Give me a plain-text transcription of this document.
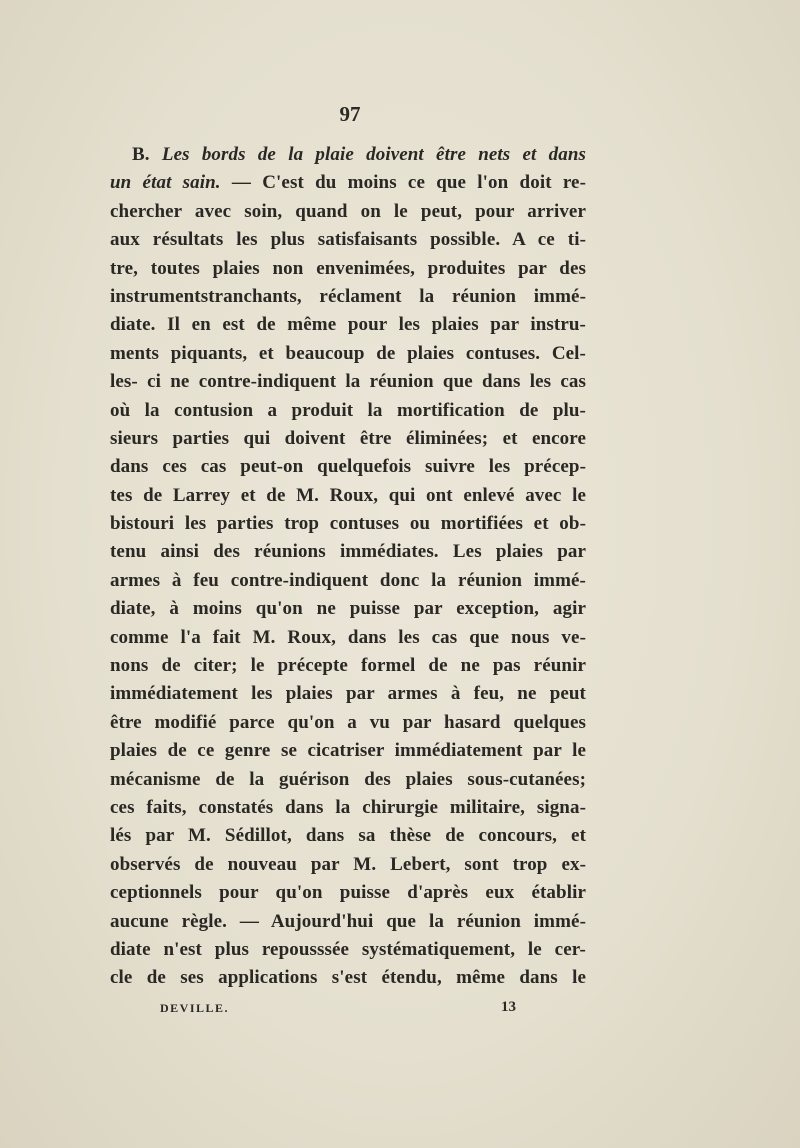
97
B. Les bords de la plaie doivent être nets et dans
un état sain. — C'est du moins ce que l'on doit re-
chercher avec soin, quand on le peut, pour arriver
aux résultats les plus satisfaisants possible. A ce ti-
tre, toutes plaies non envenimées, produites par des
instrumentstranchants, réclament la réunion immé-
diate. Il en est de même pour les plaies par instru-
ments piquants, et beaucoup de plaies contuses. Cel-
les- ci ne contre-indiquent la réunion que dans les cas
où la contusion a produit la mortification de plu-
sieurs parties qui doivent être éliminées; et encore
dans ces cas peut-on quelquefois suivre les précep-
tes de Larrey et de M. Roux, qui ont enlevé avec le
bistouri les parties trop contuses ou mortifiées et ob-
tenu ainsi des réunions immédiates. Les plaies par
armes à feu contre-indiquent donc la réunion immé-
diate, à moins qu'on ne puisse par exception, agir
comme l'a fait M. Roux, dans les cas que nous ve-
nons de citer; le précepte formel de ne pas réunir
immédiatement les plaies par armes à feu, ne peut
être modifié parce qu'on a vu par hasard quelques
plaies de ce genre se cicatriser immédiatement par le
mécanisme de la guérison des plaies sous-cutanées;
ces faits, constatés dans la chirurgie militaire, signa-
lés par M. Sédillot, dans sa thèse de concours, et
observés de nouveau par M. Lebert, sont trop ex-
ceptionnels pour qu'on puisse d'après eux établir
aucune règle. — Aujourd'hui que la réunion immé-
diate n'est plus repousssée systématiquement, le cer-
cle de ses applications s'est étendu, même dans le
DEVILLE.	13
